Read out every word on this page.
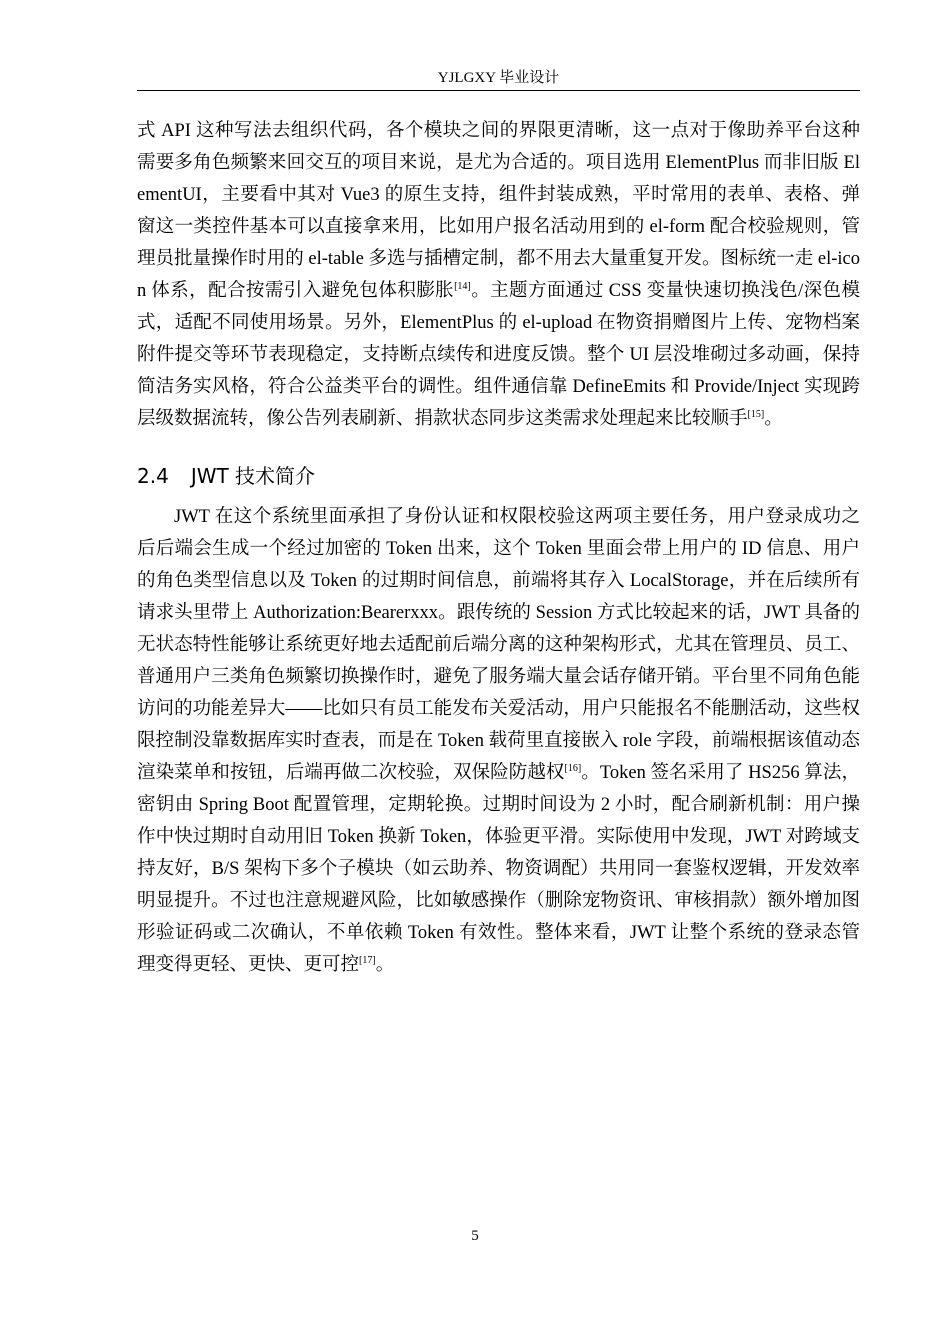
YJLGXY 毕业设计

式 API 这种写法去组织代码，各个模块之间的界限更清晰，这一点对于像助养平台这种需要多角色频繁来回交互的项目来说，是尤为合适的。项目选用 ElementPlus 而非旧版 ElementUI，主要看中其对 Vue3 的原生支持，组件封装成熟，平时常用的表单、表格、弹窗这一类控件基本可以直接拿来用，比如用户报名活动用到的 el-form 配合校验规则，管理员批量操作时用的 el-table 多选与插槽定制，都不用去大量重复开发。图标统一走 el-icon 体系，配合按需引入避免包体积膨胀[14]。主题方面通过 CSS 变量快速切换浅色/深色模式，适配不同使用场景。另外，ElementPlus 的 el-upload 在物资捐赠图片上传、宠物档案附件提交等环节表现稳定，支持断点续传和进度反馈。整个 UI 层没堆砌过多动画，保持简洁务实风格，符合公益类平台的调性。组件通信靠 DefineEmits 和 Provide/Inject 实现跨层级数据流转，像公告列表刷新、捐款状态同步这类需求处理起来比较顺手[15]。

2.4 JWT 技术简介

JWT 在这个系统里面承担了身份认证和权限校验这两项主要任务，用户登录成功之后后端会生成一个经过加密的 Token 出来，这个 Token 里面会带上用户的 ID 信息、用户的角色类型信息以及 Token 的过期时间信息，前端将其存入 LocalStorage，并在后续所有请求头里带上 Authorization:Bearerxxx。跟传统的 Session 方式比较起来的话，JWT 具备的无状态特性能够让系统更好地去适配前后端分离的这种架构形式，尤其在管理员、员工、普通用户三类角色频繁切换操作时，避免了服务端大量会话存储开销。平台里不同角色能访问的功能差异大——比如只有员工能发布关爱活动，用户只能报名不能删活动，这些权限控制没靠数据库实时查表，而是在 Token 载荷里直接嵌入 role 字段，前端根据该值动态渲染菜单和按钮，后端再做二次校验，双保险防越权[16]。Token 签名采用了 HS256 算法，密钥由 Spring Boot 配置管理，定期轮换。过期时间设为 2 小时，配合刷新机制：用户操作中快过期时自动用旧 Token 换新 Token，体验更平滑。实际使用中发现，JWT 对跨域支持友好，B/S 架构下多个子模块（如云助养、物资调配）共用同一套鉴权逻辑，开发效率明显提升。不过也注意规避风险，比如敏感操作（删除宠物资讯、审核捐款）额外增加图形验证码或二次确认，不单依赖 Token 有效性。整体来看，JWT 让整个系统的登录态管理变得更轻、更快、更可控[17]。

5
